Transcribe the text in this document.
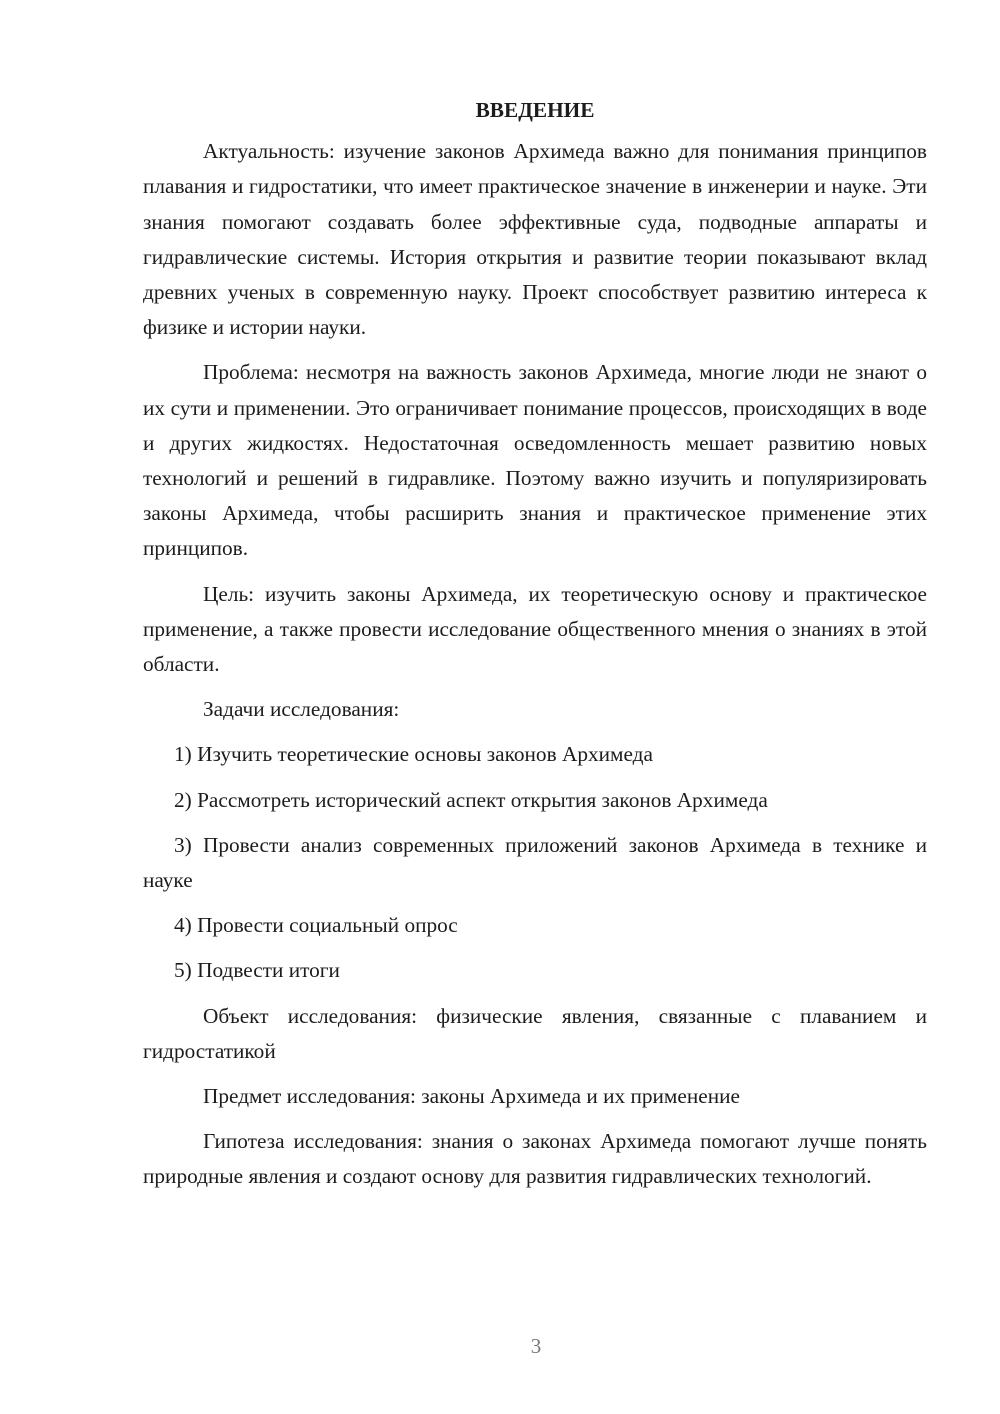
ВВЕДЕНИЕ

Актуальность: изучение законов Архимеда важно для понимания принципов плавания и гидростатики, что имеет практическое значение в инженерии и науке. Эти знания помогают создавать более эффективные суда, подводные аппараты и гидравлические системы. История открытия и развитие теории показывают вклад древних ученых в современную науку. Проект способствует развитию интереса к физике и истории науки.

Проблема: несмотря на важность законов Архимеда, многие люди не знают о их сути и применении. Это ограничивает понимание процессов, происходящих в воде и других жидкостях. Недостаточная осведомленность мешает развитию новых технологий и решений в гидравлике. Поэтому важно изучить и популяризировать законы Архимеда, чтобы расширить знания и практическое применение этих принципов.

Цель: изучить законы Архимеда, их теоретическую основу и практическое применение, а также провести исследование общественного мнения о знаниях в этой области.

Задачи исследования:

1) Изучить теоретические основы законов Архимеда

2) Рассмотреть исторический аспект открытия законов Архимеда

3) Провести анализ современных приложений законов Архимеда в технике и науке

4) Провести социальный опрос

5) Подвести итоги

Объект исследования: физические явления, связанные с плаванием и гидростатикой

Предмет исследования: законы Архимеда и их применение

Гипотеза исследования: знания о законах Архимеда помогают лучше понять природные явления и создают основу для развития гидравлических технологий.

3
